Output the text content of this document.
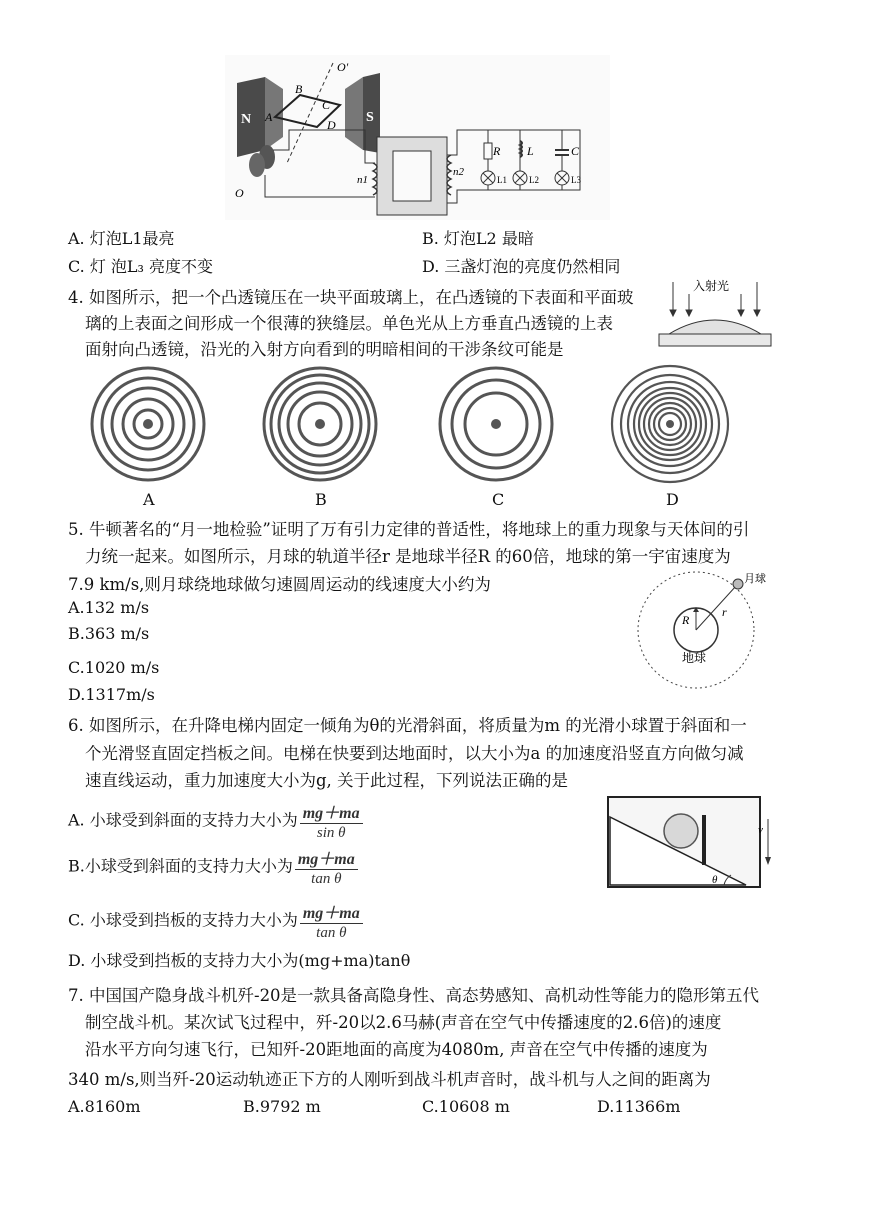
N	S
O'
B
A
C
D
O
n1
n2
R L	C
L1 L2	L3
A. 灯泡L1最亮	B. 灯泡L2 最暗
C. 灯 泡L₃ 亮度不变	D. 三盏灯泡的亮度仍然相同
4. 如图所示，把一个凸透镜压在一块平面玻璃上，在凸透镜的下表面和平面玻
璃的上表面之间形成一个很薄的狭缝层。单色光从上方垂直凸透镜的上表
面射向凸透镜，沿光的入射方向看到的明暗相间的干涉条纹可能是
入射光
A	B	C	D
5. 牛顿著名的“月一地检验”证明了万有引力定律的普适性，将地球上的重力现象与天体间的引
力统一起来。如图所示，月球的轨道半径r 是地球半径R 的60倍，地球的第一宇宙速度为
7.9 km/s,则月球绕地球做匀速圆周运动的线速度大小约为
A.132 m/s
B.363 m/s
C.1020 m/s
D.1317m/s
R
r
月球
地球
6. 如图所示，在升降电梯内固定一倾角为θ的光滑斜面，将质量为m 的光滑小球置于斜面和一
个光滑竖直固定挡板之间。电梯在快要到达地面时，以大小为a 的加速度沿竖直方向做匀减
速直线运动，重力加速度大小为g, 关于此过程，下列说法正确的是
A. 小球受到斜面的支持力大小为 $\frac{mg+ma}{\text{sin θ}}$
B.小球受到斜面的支持力大小为 $\frac{mg+ma}{\text{tan θ}}$
C. 小球受到挡板的支持力大小为 $\frac{mg+ma}{\text{tan θ}}$
D. 小球受到挡板的支持力大小为(mg+ma)tanθ
θ
v
7. 中国国产隐身战斗机歼-20是一款具备高隐身性、高态势感知、高机动性等能力的隐形第五代
制空战斗机。某次试飞过程中，歼-20以2.6马赫(声音在空气中传播速度的2.6倍)的速度
沿水平方向匀速飞行，已知歼-20距地面的高度为4080m, 声音在空气中传播的速度为
340 m/s,则当歼-20运动轨迹正下方的人刚听到战斗机声音时，战斗机与人之间的距离为
A.8160m	B.9792 m	C.10608 m	D.11366m
